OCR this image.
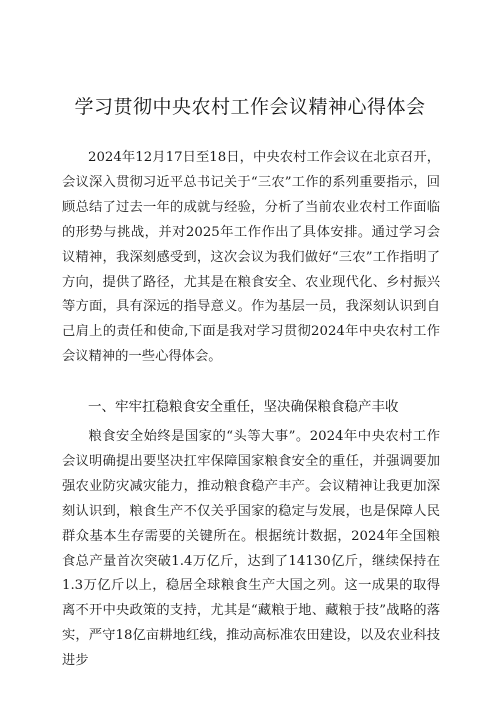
学习贯彻中央农村工作会议精神心得体会
2024年12月17日至18日，中央农村工作会议在北京召开，会议深入贯彻习近平总书记关于“三农”工作的系列重要指示，回顾总结了过去一年的成就与经验，分析了当前农业农村工作面临的形势与挑战，并对2025年工作作出了具体安排。通过学习会议精神，我深刻感受到，这次会议为我们做好“三农”工作指明了方向，提供了路径，尤其是在粮食安全、农业现代化、乡村振兴等方面，具有深远的指导意义。作为基层一员，我深刻认识到自己肩上的责任和使命,下面是我对学习贯彻2024年中央农村工作会议精神的一些心得体会。
一、牢牢扛稳粮食安全重任，坚决确保粮食稳产丰收
粮食安全始终是国家的“头等大事”。2024年中央农村工作会议明确提出要坚决扛牢保障国家粮食安全的重任，并强调要加强农业防灾减灾能力，推动粮食稳产丰产。会议精神让我更加深刻认识到，粮食生产不仅关乎国家的稳定与发展，也是保障人民群众基本生存需要的关键所在。根据统计数据，2024年全国粮食总产量首次突破1.4万亿斤，达到了14130亿斤，继续保持在1.3万亿斤以上，稳居全球粮食生产大国之列。这一成果的取得离不开中央政策的支持，尤其是“藏粮于地、藏粮于技”战略的落实，严守18亿亩耕地红线，推动高标准农田建设，以及农业科技进步
